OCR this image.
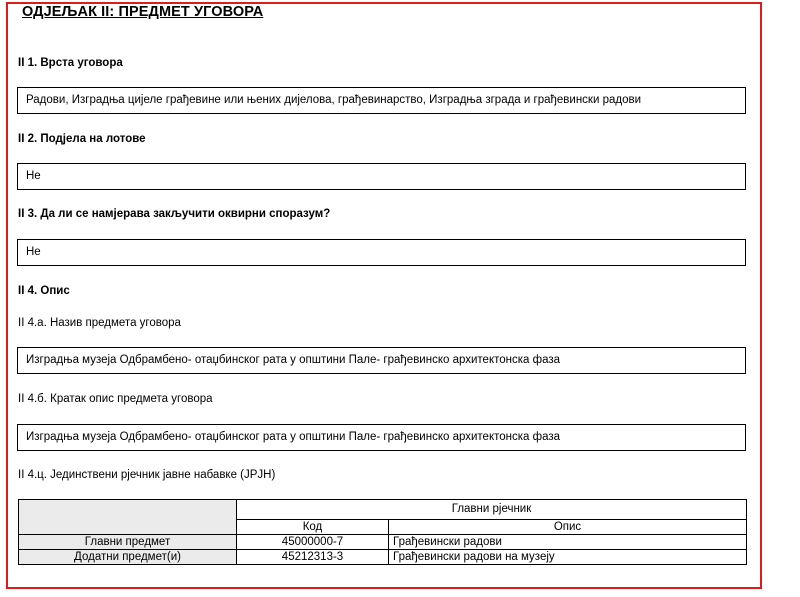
ОДЈЕЉАК II: ПРЕДМЕТ УГОВОРА
II 1. Врста уговора
Радови, Изградња цијеле грађевине или њених дијелова, грађевинарство, Изградња зграда и грађевински радови
II 2. Подјела на лотове
Не
II 3. Да ли се намјерава закључити оквирни споразум?
Не
II 4. Опис
II 4.а. Назив предмета уговора
Изградња музеја Одбрамбено- отаџбинског рата у општини Пале- грађевинско архитектонска фаза
II 4.б. Кратак опис предмета уговора
Изградња музеја Одбрамбено- отаџбинског рата у општини Пале- грађевинско архитектонска фаза
II 4.ц. Јединствени рјечник јавне набавке (ЈРЈН)
	Главни рјечник	
	Код	Опис
Главни предмет	45000000-7	Грађевински радови
Додатни предмет(и)	45212313-3	Грађевински радови на музеју
